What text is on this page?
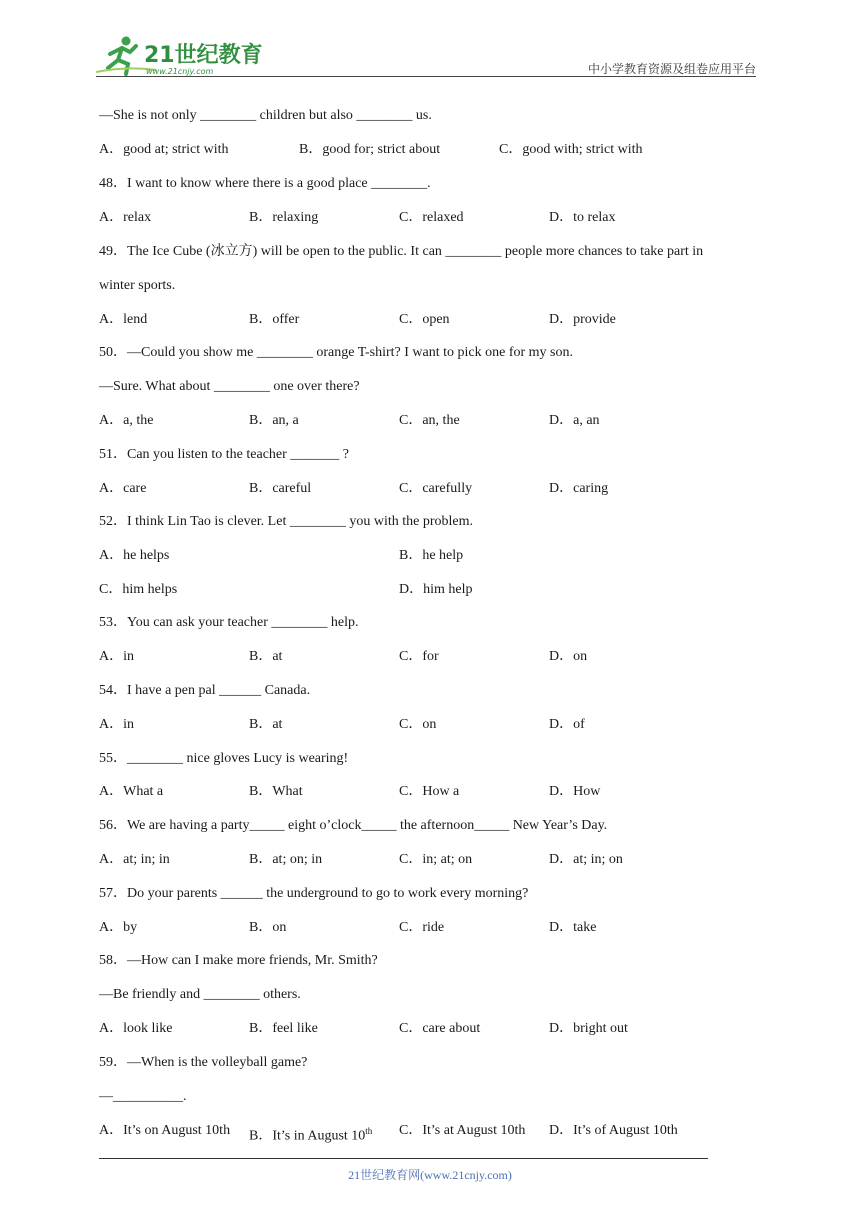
21世纪教育
www.21cnjy.com	中小学教育资源及组卷应用平台
—She is not only ________ children but also ________ us.
A．good at; strict with	B．good for; strict about	C．good with; strict with
48．I want to know where there is a good place ________.
A．relax	B．relaxing	C．relaxed	D．to relax
49．The Ice Cube (冰立方) will be open to the public. It can ________ people more chances to take part in
winter sports.
A．lend	B．offer	C．open	D．provide
50．—Could you show me ________ orange T-shirt? I want to pick one for my son.
—Sure. What about ________ one over there?
A．a, the	B．an, a	C．an, the	D．a, an
51．Can you listen to the teacher _______ ?
A．care	B．careful	C．carefully	D．caring
52．I think Lin Tao is clever. Let ________ you with the problem.
A．he helps	B．he help
C．him helps	D．him help
53．You can ask your teacher ________ help.
A．in	B．at	C．for	D．on
54．I have a pen pal ______ Canada.
A．in	B．at	C．on	D．of
55．________ nice gloves Lucy is wearing!
A．What a	B．What	C．How a	D．How
56．We are having a party_____ eight o’clock_____ the afternoon_____ New Year’s Day.
A．at; in; in	B．at; on; in	C．in; at; on	D．at; in; on
57．Do your parents ______ the underground to go to work every morning?
A．by	B．on	C．ride	D．take
58．—How can I make more friends, Mr. Smith?
—Be friendly and ________ others.
A．look like	B．feel like	C．care about	D．bright out
59．—When is the volleyball game?
—__________.
A．It’s on August 10th B．It’s in August 10th C．It’s at August 10th D．It’s of August 10th
21世纪教育网(www.21cnjy.com)
